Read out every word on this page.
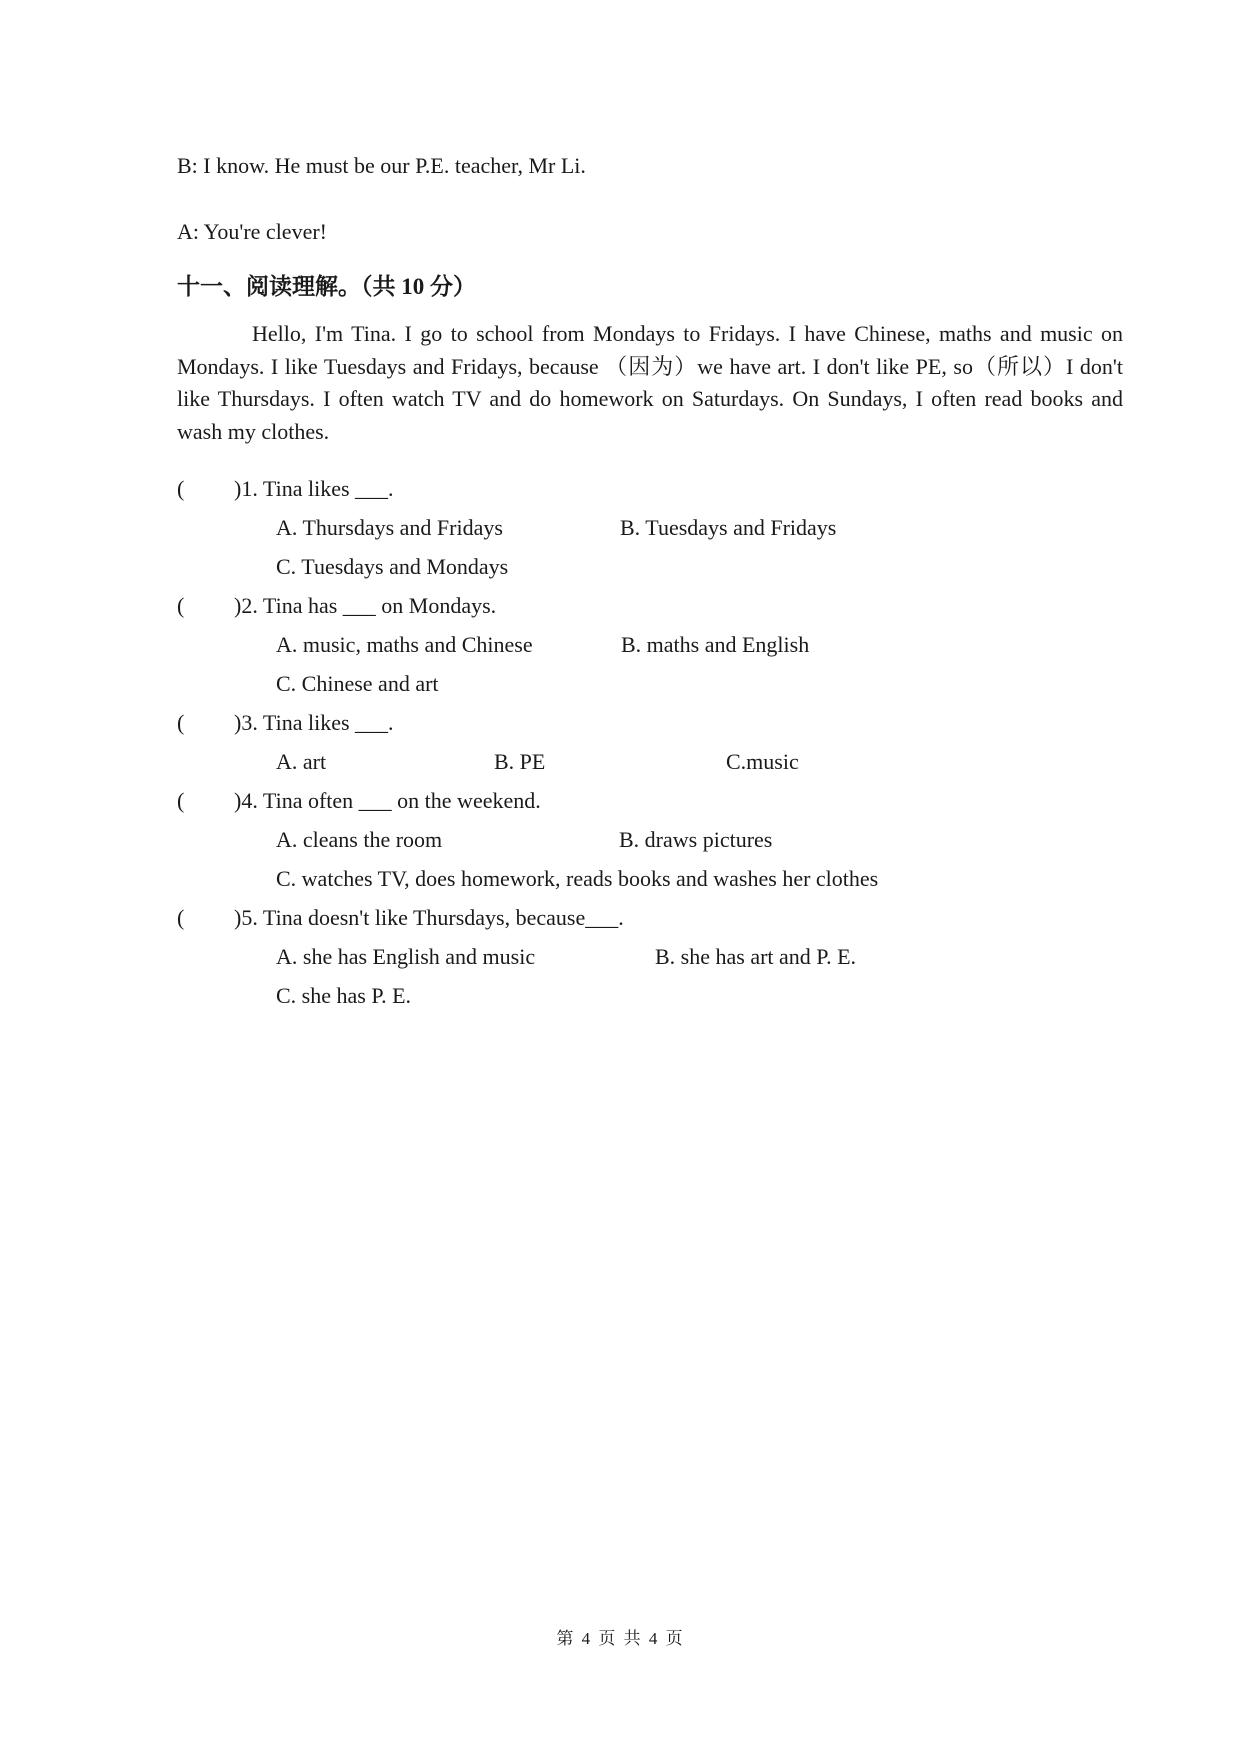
B: I know. He must be our P.E. teacher, Mr Li.
A: You're clever!
十一、阅读理解。（共 10 分）

Hello, I'm Tina. I go to school from Mondays to Fridays. I have Chinese, maths and music on Mondays. I like Tuesdays and Fridays, because （因为）we have art. I don't like PE, so（所以）I don't like Thursdays. I often watch TV and do homework on Saturdays. On Sundays, I often read books and wash my clothes.

( )1. Tina likes ___.
A. Thursdays and Fridays	B. Tuesdays and Fridays
C. Tuesdays and Mondays
( )2. Tina has ___ on Mondays.
A. music, maths and Chinese	B. maths and English
C. Chinese and art
( )3. Tina likes ___.
A. art	B. PE	C.music
( )4. Tina often ___ on the weekend.
A. cleans the room	B. draws pictures
C. watches TV, does homework, reads books and washes her clothes
( )5. Tina doesn't like Thursdays, because___.
A. she has English and music	B. she has art and P. E.
C. she has P. E.
第 4 页 共 4 页
